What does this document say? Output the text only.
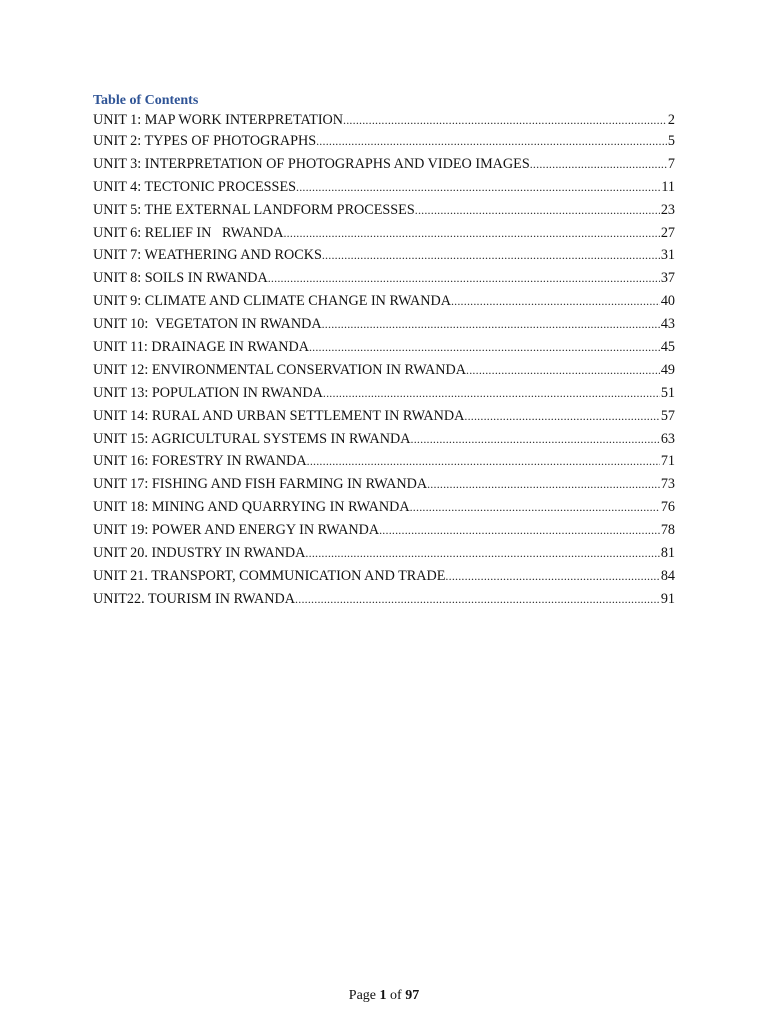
Table of Contents
UNIT 1: MAP WORK INTERPRETATION .....	2
UNIT 2: TYPES OF PHOTOGRAPHS .....	5
UNIT 3: INTERPRETATION OF PHOTOGRAPHS AND VIDEO IMAGES .....	7
UNIT 4: TECTONIC PROCESSES .....	11
UNIT 5: THE EXTERNAL LANDFORM PROCESSES .....	23
UNIT 6: RELIEF IN   RWANDA .....	27
UNIT 7: WEATHERING AND ROCKS .....	31
UNIT 8: SOILS IN RWANDA .....	37
UNIT 9: CLIMATE AND CLIMATE CHANGE IN RWANDA .....	40
UNIT 10:  VEGETATON IN RWANDA .....	43
UNIT 11: DRAINAGE IN RWANDA .....	45
UNIT 12: ENVIRONMENTAL CONSERVATION IN RWANDA .....	49
UNIT 13: POPULATION IN RWANDA .....	51
UNIT 14: RURAL AND URBAN SETTLEMENT IN RWANDA .....	57
UNIT 15: AGRICULTURAL SYSTEMS IN RWANDA .....	63
UNIT 16: FORESTRY IN RWANDA .....	71
UNIT 17: FISHING AND FISH FARMING IN RWANDA .....	73
UNIT 18: MINING AND QUARRYING IN RWANDA .....	76
UNIT 19: POWER AND ENERGY IN RWANDA .....	78
UNIT 20. INDUSTRY IN RWANDA .....	81
UNIT 21. TRANSPORT, COMMUNICATION AND TRADE .....	84
UNIT22. TOURISM IN RWANDA .....	91
Page 1 of 97
